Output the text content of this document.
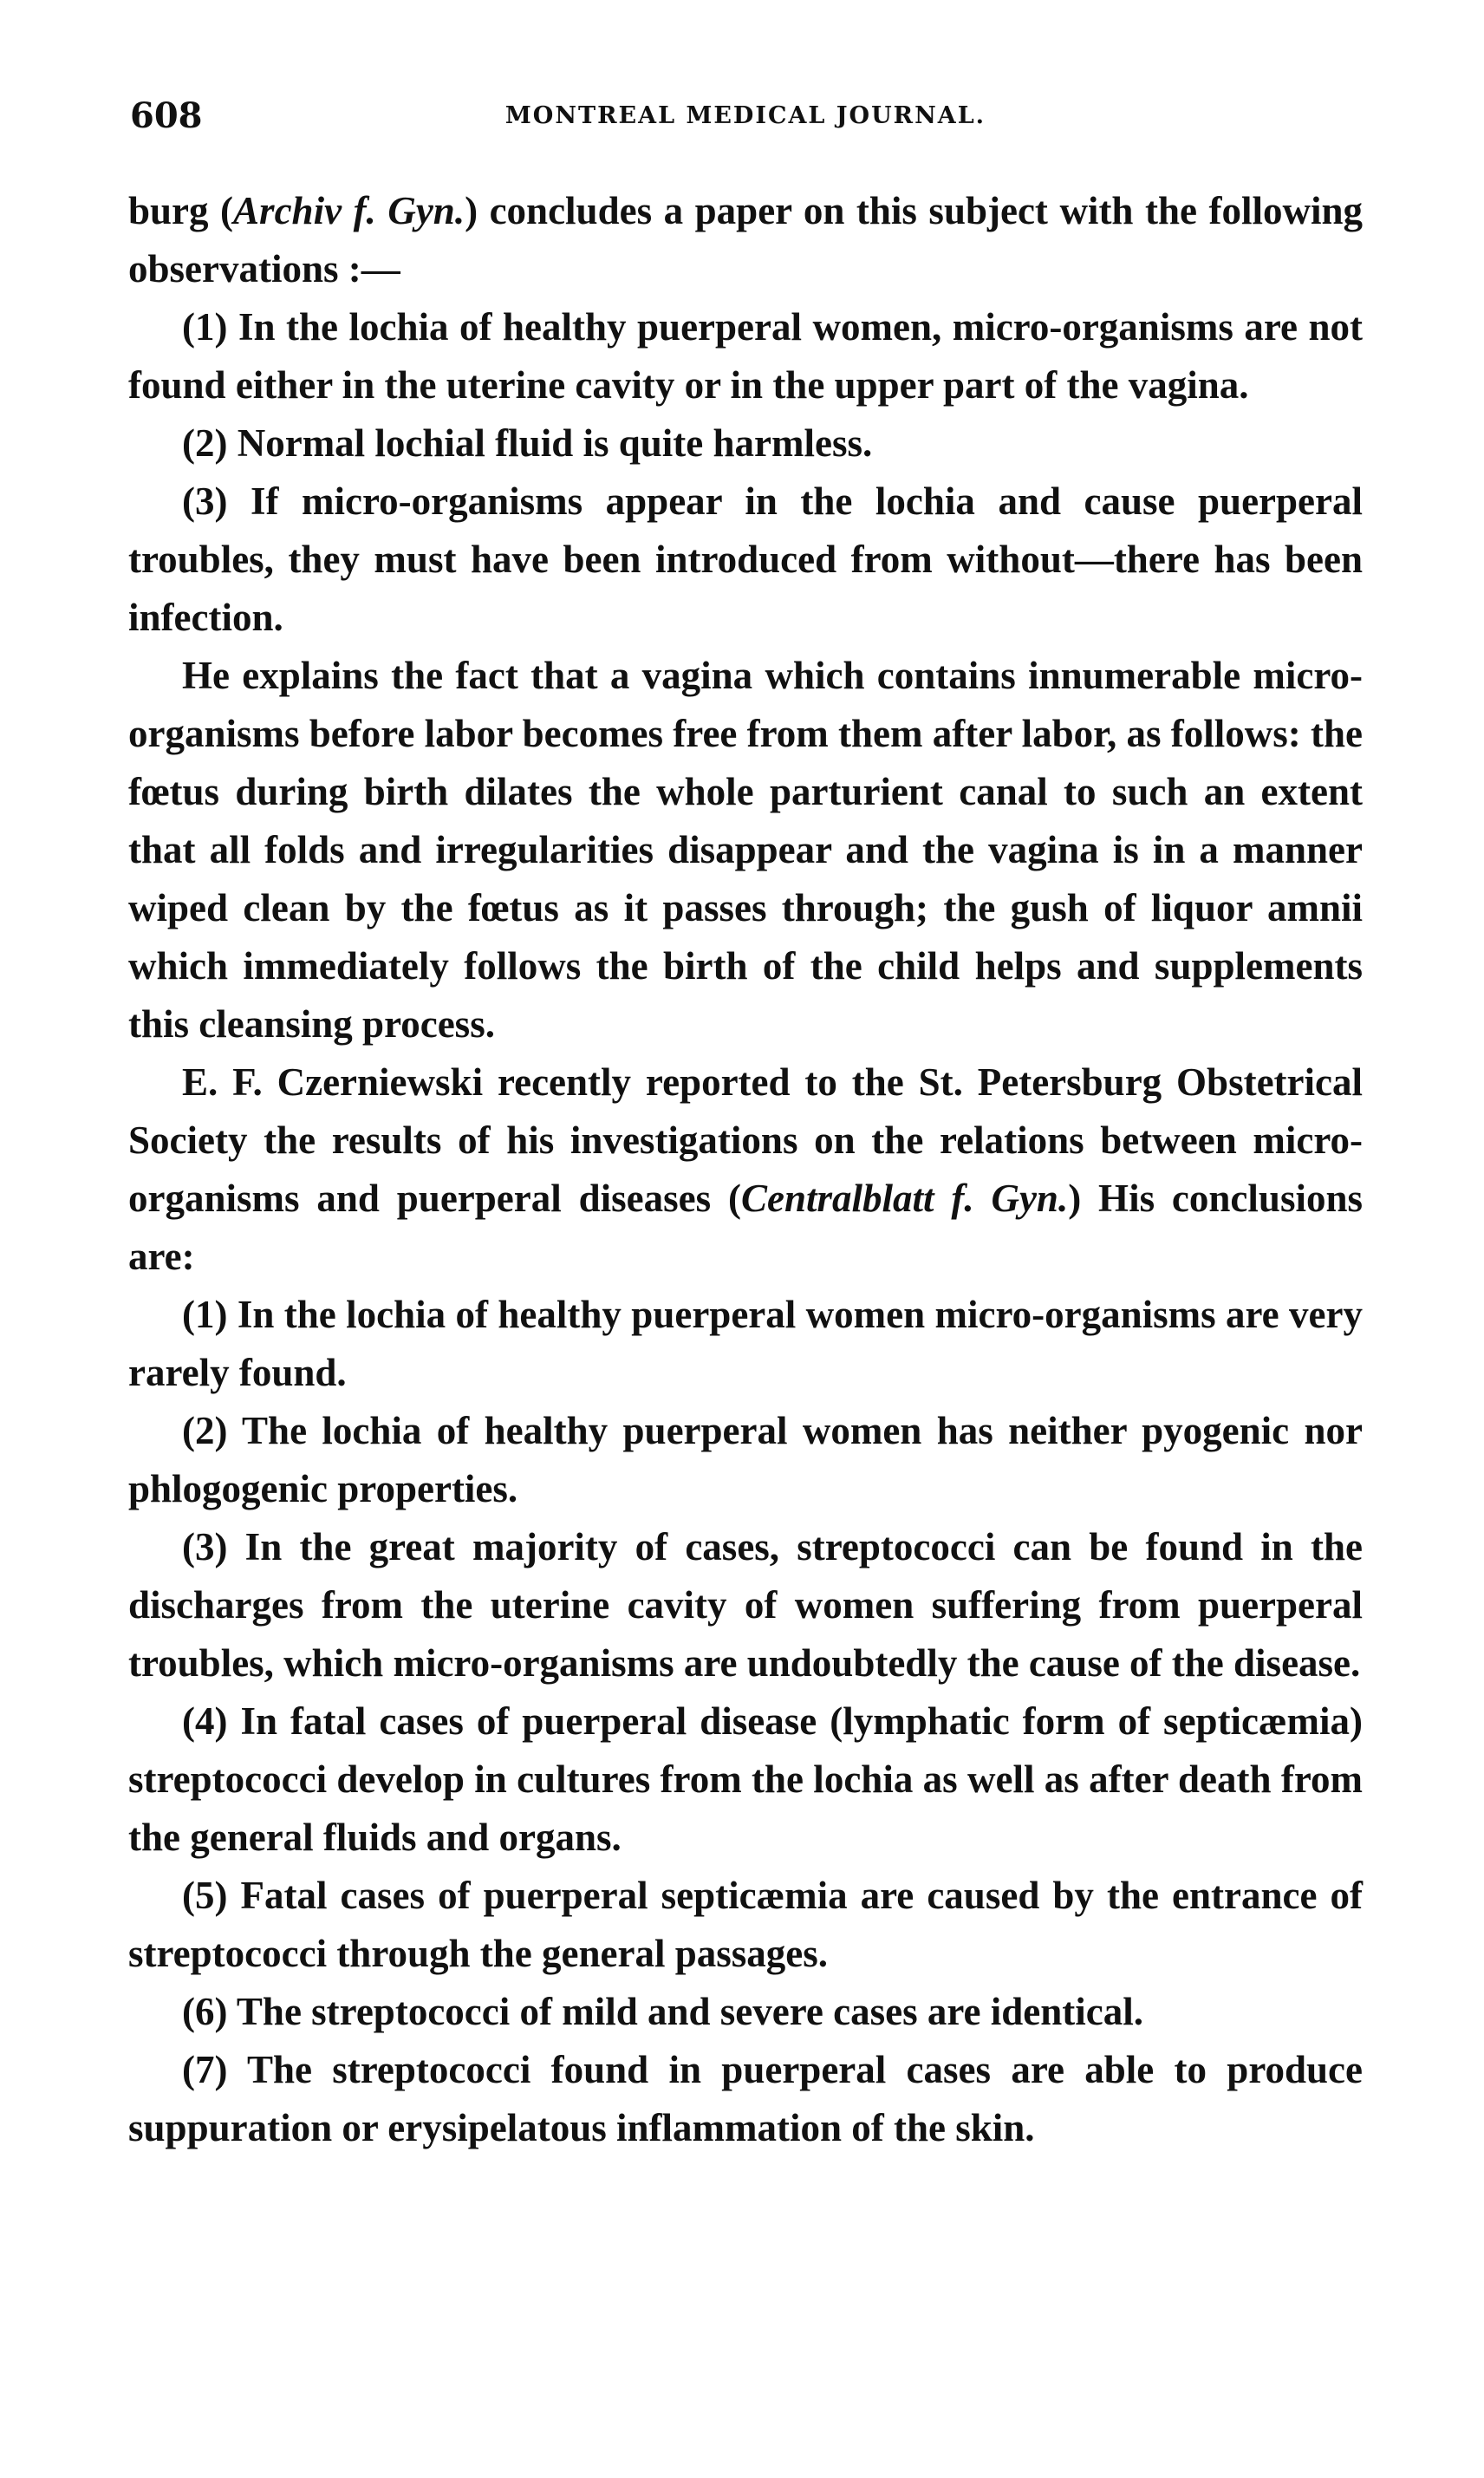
608	MONTREAL MEDICAL JOURNAL.

burg (Archiv f. Gyn.) concludes a paper on this subject with the following observations :—

(1) In the lochia of healthy puerperal women, micro-organisms are not found either in the uterine cavity or in the upper part of the vagina.

(2) Normal lochial fluid is quite harmless.

(3) If micro-organisms appear in the lochia and cause puerperal troubles, they must have been introduced from without—there has been infection.

He explains the fact that a vagina which contains innumerable micro-organisms before labor becomes free from them after labor, as follows: the fœtus during birth dilates the whole parturient canal to such an extent that all folds and irregularities disappear and the vagina is in a manner wiped clean by the fœtus as it passes through; the gush of liquor amnii which immediately follows the birth of the child helps and supplements this cleansing process.

E. F. Czerniewski recently reported to the St. Petersburg Obstetrical Society the results of his investigations on the relations between micro-organisms and puerperal diseases (Centralblatt f. Gyn.) His conclusions are:

(1) In the lochia of healthy puerperal women micro-organisms are very rarely found.

(2) The lochia of healthy puerperal women has neither pyogenic nor phlogogenic properties.

(3) In the great majority of cases, streptococci can be found in the discharges from the uterine cavity of women suffering from puerperal troubles, which micro-organisms are undoubtedly the cause of the disease.

(4) In fatal cases of puerperal disease (lymphatic form of septicæmia) streptococci develop in cultures from the lochia as well as after death from the general fluids and organs.

(5) Fatal cases of puerperal septicæmia are caused by the entrance of streptococci through the general passages.

(6) The streptococci of mild and severe cases are identical.

(7) The streptococci found in puerperal cases are able to produce suppuration or erysipelatous inflammation of the skin.
